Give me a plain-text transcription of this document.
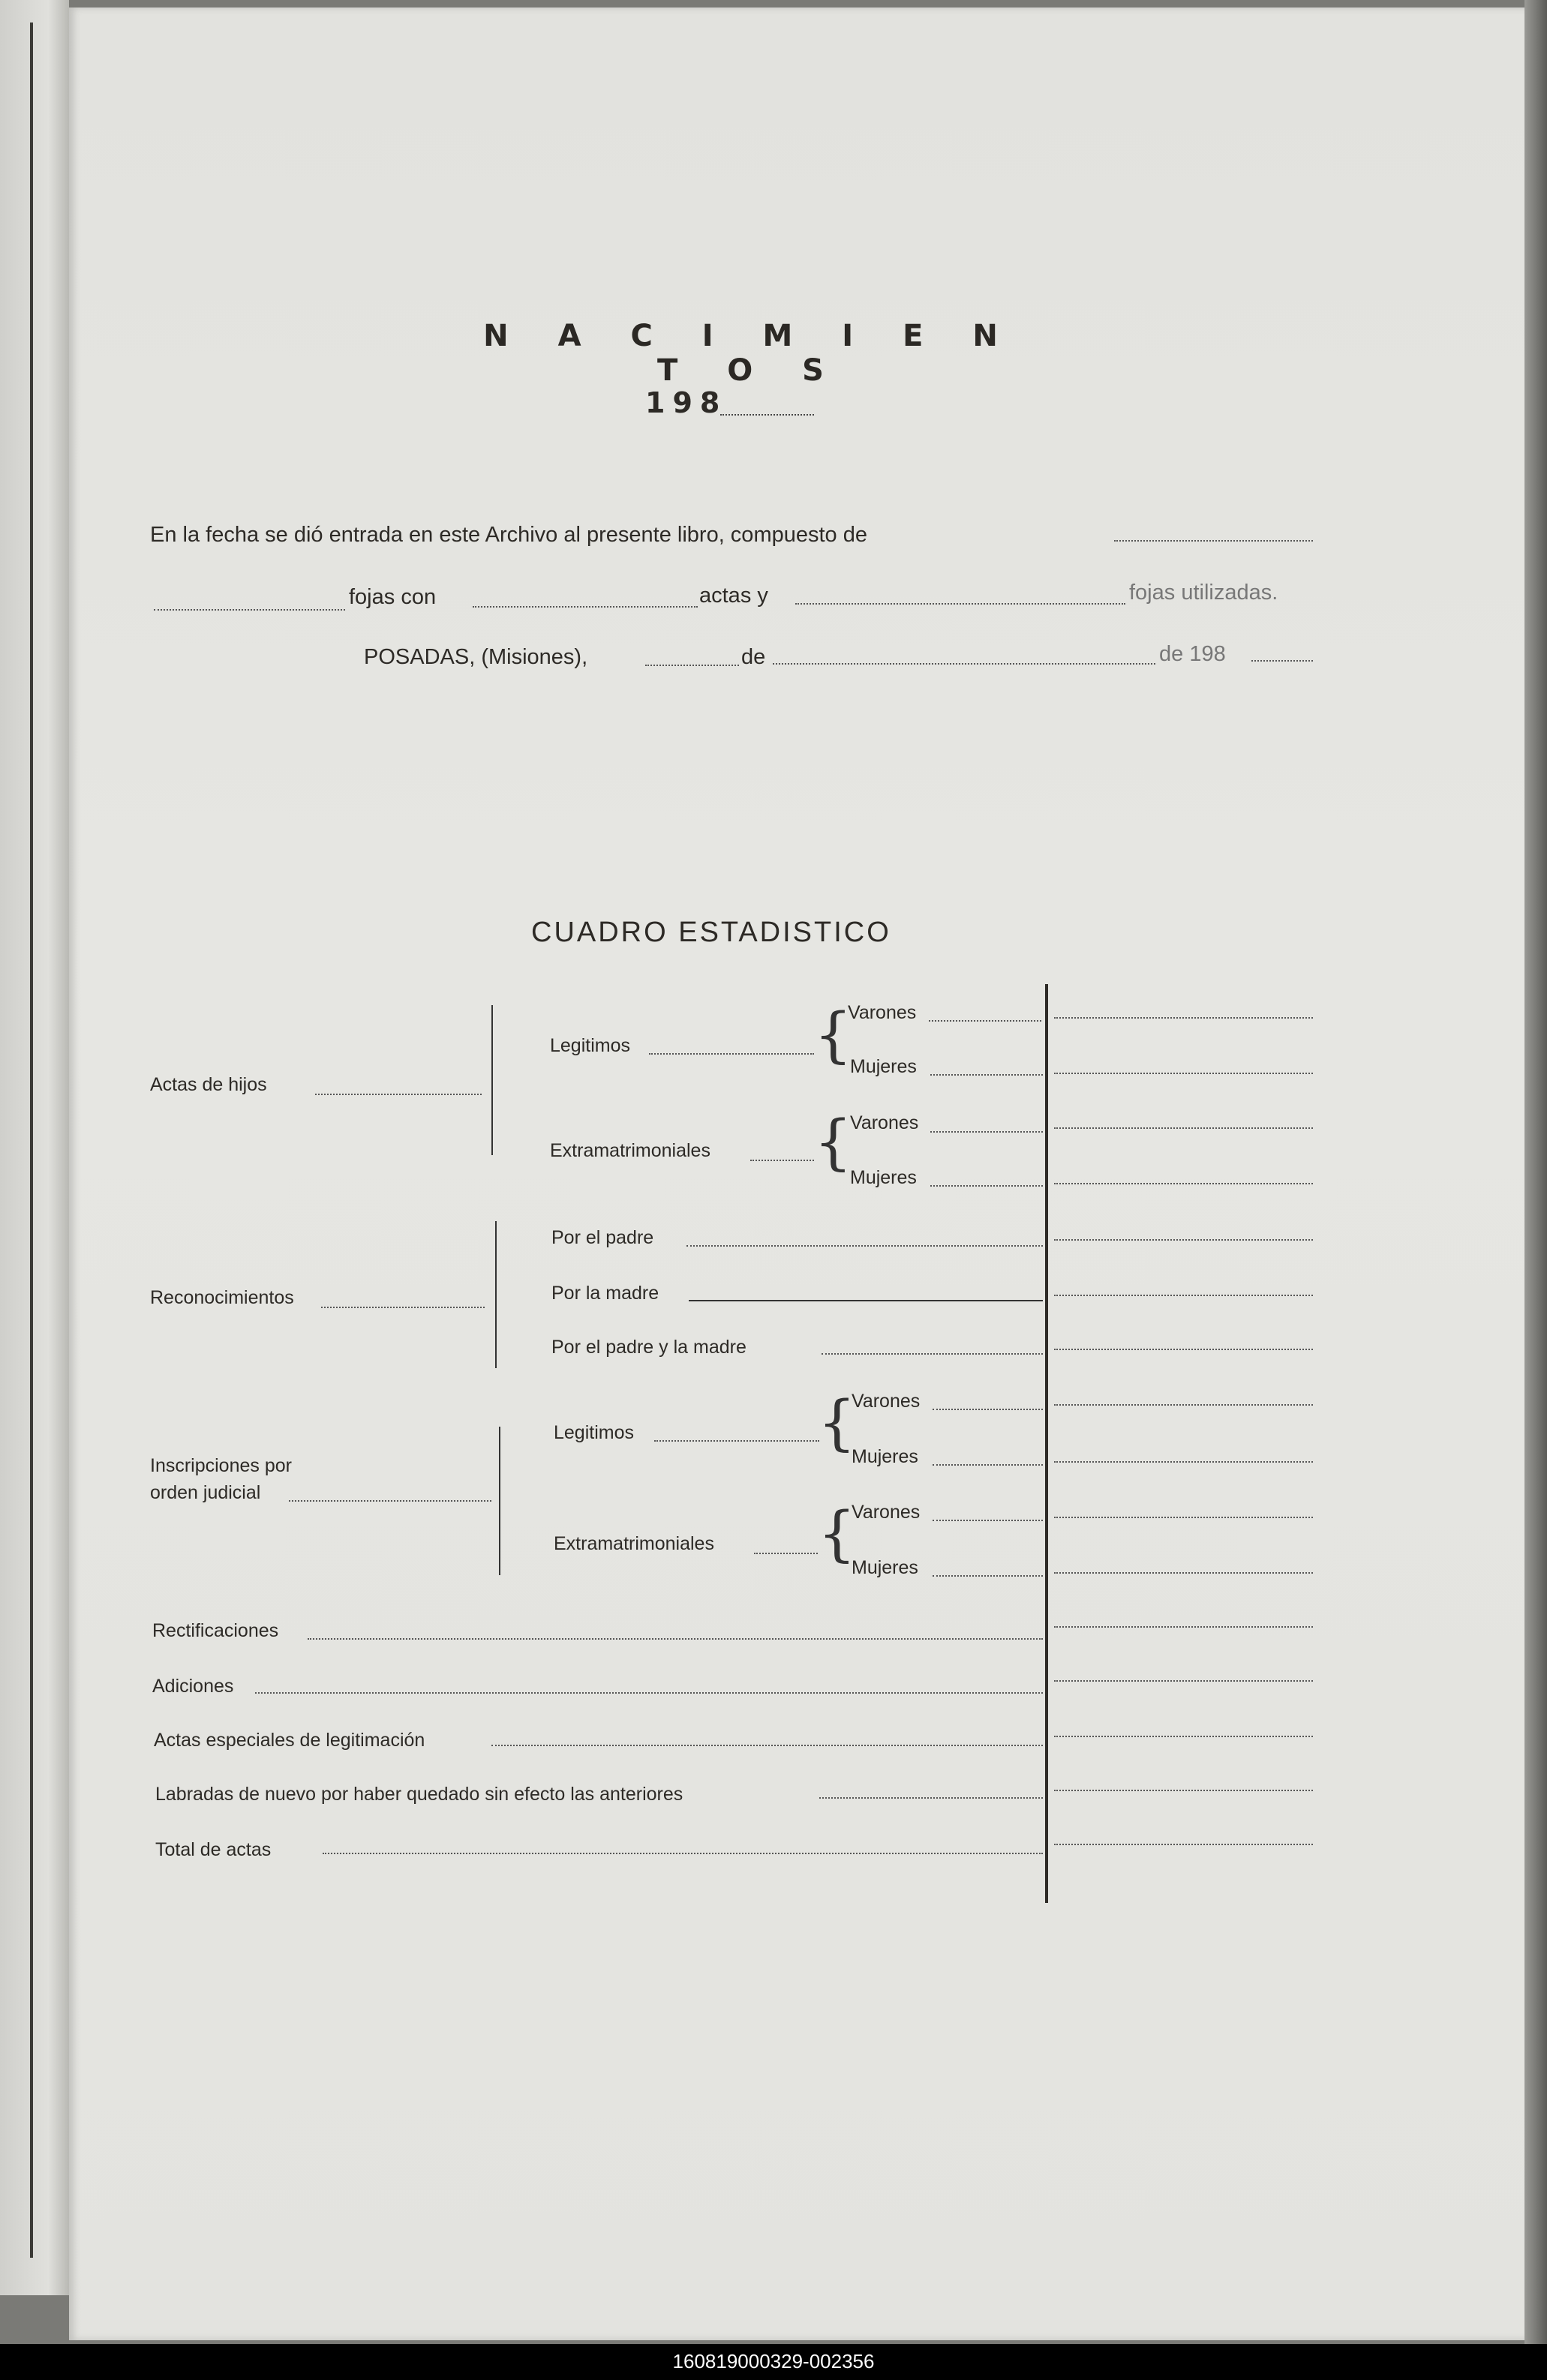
N A C I M I E N T O S
198
En la fecha se dió entrada en este Archivo al presente libro, compuesto de
fojas con	actas y	fojas utilizadas.
POSADAS, (Misiones),	de	de 198
CUADRO ESTADISTICO
Actas de hijos
Legitimos	{
Varones
Mujeres
Extramatrimoniales {
Varones
Mujeres
Reconocimientos
Por el padre
Por la madre
Por el padre y la madre
Inscripciones por
orden judicial
Legitimos	{
Varones
Mujeres
Extramatrimoniales {
Varones
Mujeres
Rectificaciones
Adiciones
Actas especiales de legitimación
Labradas de nuevo por haber quedado sin efecto las anteriores
Total de actas
160819000329-002356
